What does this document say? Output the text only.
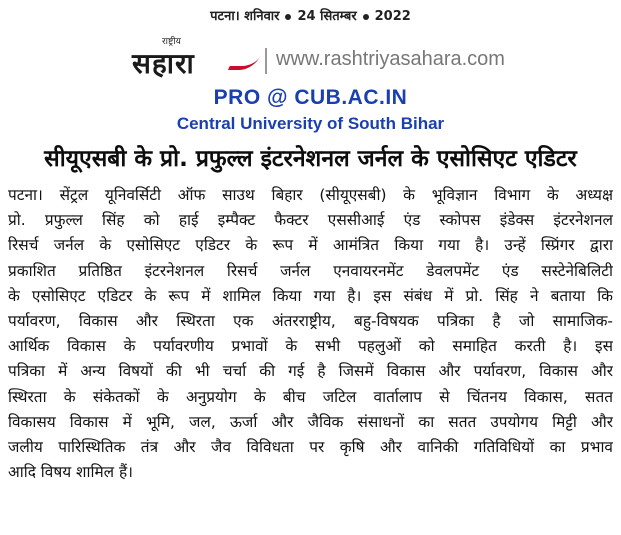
पटना। शनिवार 24 सितम्बर 2022
राष्ट्रीय
सहारा	www.rashtriyasahara.com
PRO @ CUB.AC.IN
Central University of South Bihar
सीयूएसबी के प्रो. प्रफुल्ल इंटरनेशनल जर्नल के एसोसिएट एडिटर
पटना। सेंट्रल यूनिवर्सिटी ऑफ साउथ बिहार (सीयूएसबी) के भूविज्ञान विभाग के अध्यक्ष
प्रो. प्रफुल्ल सिंह को हाई इम्पैक्ट फैक्टर एससीआई एंड स्कोपस इंडेक्स इंटरनेशनल
रिसर्च जर्नल के एसोसिएट एडिटर के रूप में आमंत्रित किया गया है। उन्हें स्प्रिंगर द्वारा
प्रकाशित प्रतिष्ठित इंटरनेशनल रिसर्च जर्नल एनवायरनमेंट डेवलपमेंट एंड सस्टेनेबिलिटी
के एसोसिएट एडिटर के रूप में शामिल किया गया है। इस संबंध में प्रो. सिंह ने बताया कि
पर्यावरण, विकास और स्थिरता एक अंतरराष्ट्रीय, बहु-विषयक पत्रिका है जो सामाजिक-
आर्थिक विकास के पर्यावरणीय प्रभावों के सभी पहलुओं को समाहित करती है। इस
पत्रिका में अन्य विषयों की भी चर्चा की गई है जिसमें विकास और पर्यावरण, विकास और
स्थिरता के संकेतकों के अनुप्रयोग के बीच जटिल वार्तालाप से चिंतनय विकास, सतत
विकासय विकास में भूमि, जल, ऊर्जा और जैविक संसाधनों का सतत उपयोगय मिट्टी और
जलीय पारिस्थितिक तंत्र और जैव विविधता पर कृषि और वानिकी गतिविधियों का प्रभाव
आदि विषय शामिल हैं।
